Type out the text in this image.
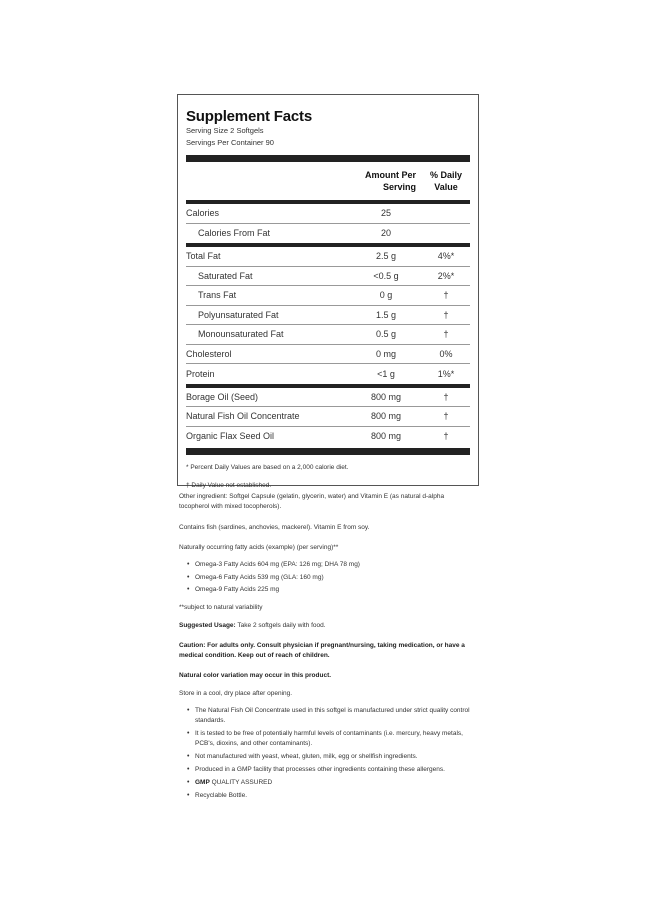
Supplement Facts
Serving Size 2 Softgels
Servings Per Container 90
Amount Per
Serving
% Daily
Value
Calories	25
Calories From Fat	20
Total Fat	2.5 g	4%*
Saturated Fat	<0.5 g	2%*
Trans Fat	0 g	†
Polyunsaturated Fat	1.5 g	†
Monounsaturated Fat	0.5 g	†
Cholesterol	0 mg	0%
Protein	<1 g	1%*
Borage Oil (Seed)	800 mg	†
Natural Fish Oil Concentrate	800 mg	†
Organic Flax Seed Oil	800 mg	†
* Percent Daily Values are based on a 2,000 calorie diet.
† Daily Value not established.
Other ingredient: Softgel Capsule (gelatin, glycerin, water) and Vitamin E (as natural d-alpha tocopherol with mixed tocopherols).
Contains fish (sardines, anchovies, mackerel). Vitamin E from soy.
Naturally occurring fatty acids (example) (per serving)**
• Omega-3 Fatty Acids 604 mg (EPA: 126 mg; DHA 78 mg)
• Omega-6 Fatty Acids 539 mg (GLA: 160 mg)
• Omega-9 Fatty Acids 225 mg
**subject to natural variability
Suggested Usage: Take 2 softgels daily with food.
Caution: For adults only. Consult physician if pregnant/nursing, taking medication, or have a medical condition. Keep out of reach of children.
Natural color variation may occur in this product.
Store in a cool, dry place after opening.
• The Natural Fish Oil Concentrate used in this softgel is manufactured under strict quality control standards.
• It is tested to be free of potentially harmful levels of contaminants (i.e. mercury, heavy metals, PCB's, dioxins, and other contaminants).
• Not manufactured with yeast, wheat, gluten, milk, egg or shellfish ingredients.
• Produced in a GMP facility that processes other ingredients containing these allergens.
• GMP QUALITY ASSURED
• Recyclable Bottle.
